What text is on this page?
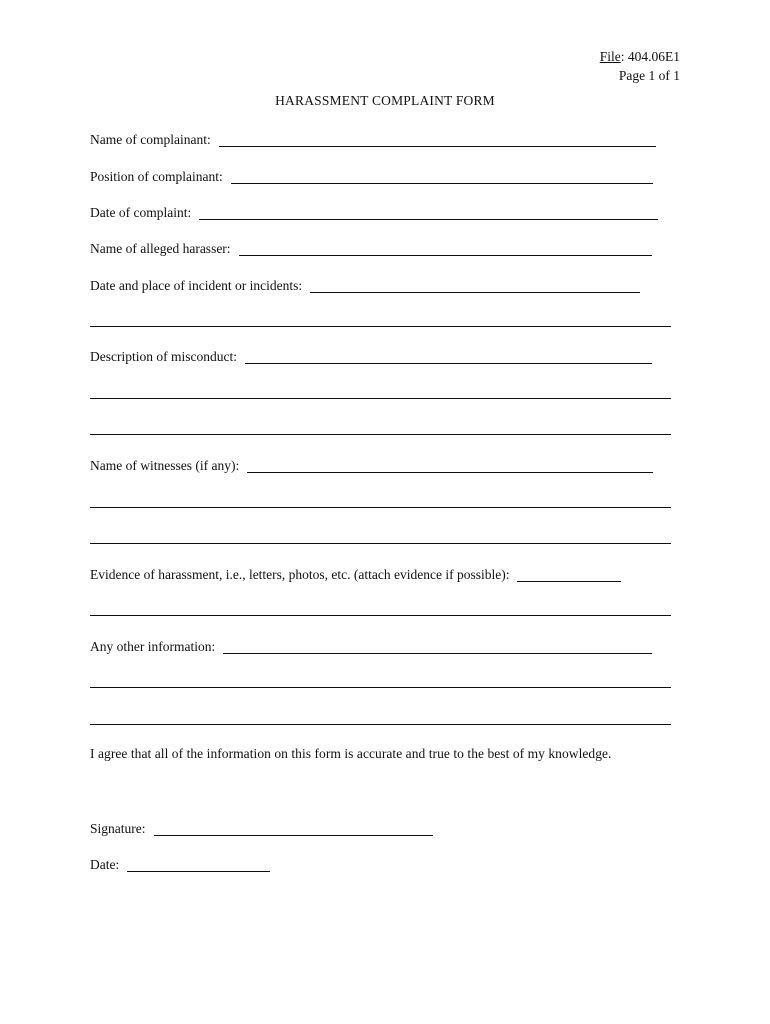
File: 404.06E1
Page 1 of 1
HARASSMENT COMPLAINT FORM
Name of complainant:
Position of complainant:
Date of complaint:
Name of alleged harasser:
Date and place of incident or incidents:
Description of misconduct:
Name of witnesses (if any):
Evidence of harassment, i.e., letters, photos, etc. (attach evidence if possible):
Any other information:
I agree that all of the information on this form is accurate and true to the best of my knowledge.
Signature:
Date:
